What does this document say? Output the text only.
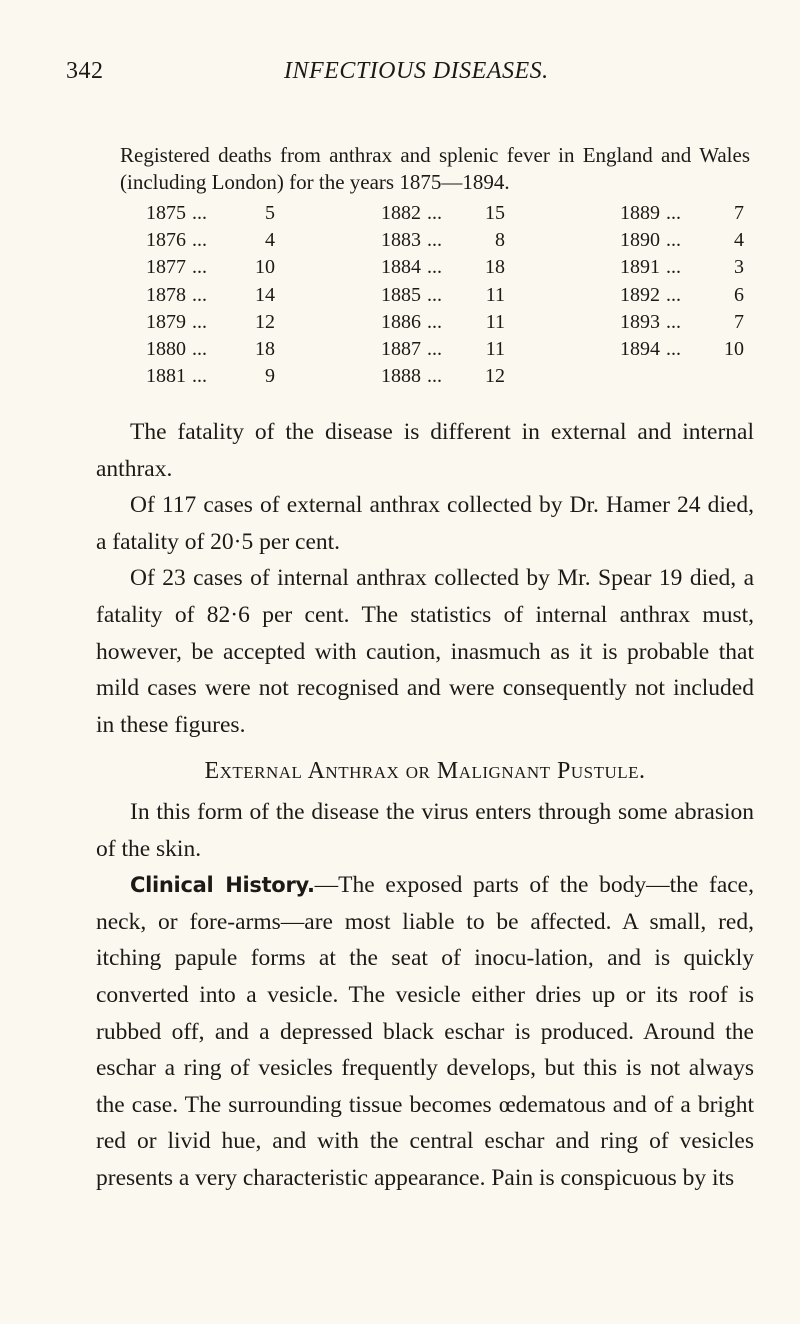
342	INFECTIOUS DISEASES.
Registered deaths from anthrax and splenic fever in England and Wales (including London) for the years 1875—1894.
1875 ...	5
1876 ...	4
1877 ...	10
1878 ...	14
1879 ...	12
1880 ...	18
1881 ...	9
1882 ...	15
1883 ...	8
1884 ...	18
1885 ...	11
1886 ...	11
1887 ...	11
1888 ...	12
1889 ...	7
1890 ...	4
1891 ...	3
1892 ...	6
1893 ...	7
1894 ...	10

The fatality of the disease is different in external and internal anthrax.

Of 117 cases of external anthrax collected by Dr. Hamer 24 died, a fatality of 20·5 per cent.

Of 23 cases of internal anthrax collected by Mr. Spear 19 died, a fatality of 82·6 per cent. The statistics of internal anthrax must, however, be accepted with caution, inasmuch as it is probable that mild cases were not recognised and were consequently not included in these figures.

External Anthrax or Malignant Pustule.

In this form of the disease the virus enters through some abrasion of the skin.

Clinical History.—The exposed parts of the body—the face, neck, or fore-arms—are most liable to be affected. A small, red, itching papule forms at the seat of inocu-lation, and is quickly converted into a vesicle. The vesicle either dries up or its roof is rubbed off, and a depressed black eschar is produced. Around the eschar a ring of vesicles frequently develops, but this is not always the case. The surrounding tissue becomes œdematous and of a bright red or livid hue, and with the central eschar and ring of vesicles presents a very characteristic appearance. Pain is conspicuous by its
